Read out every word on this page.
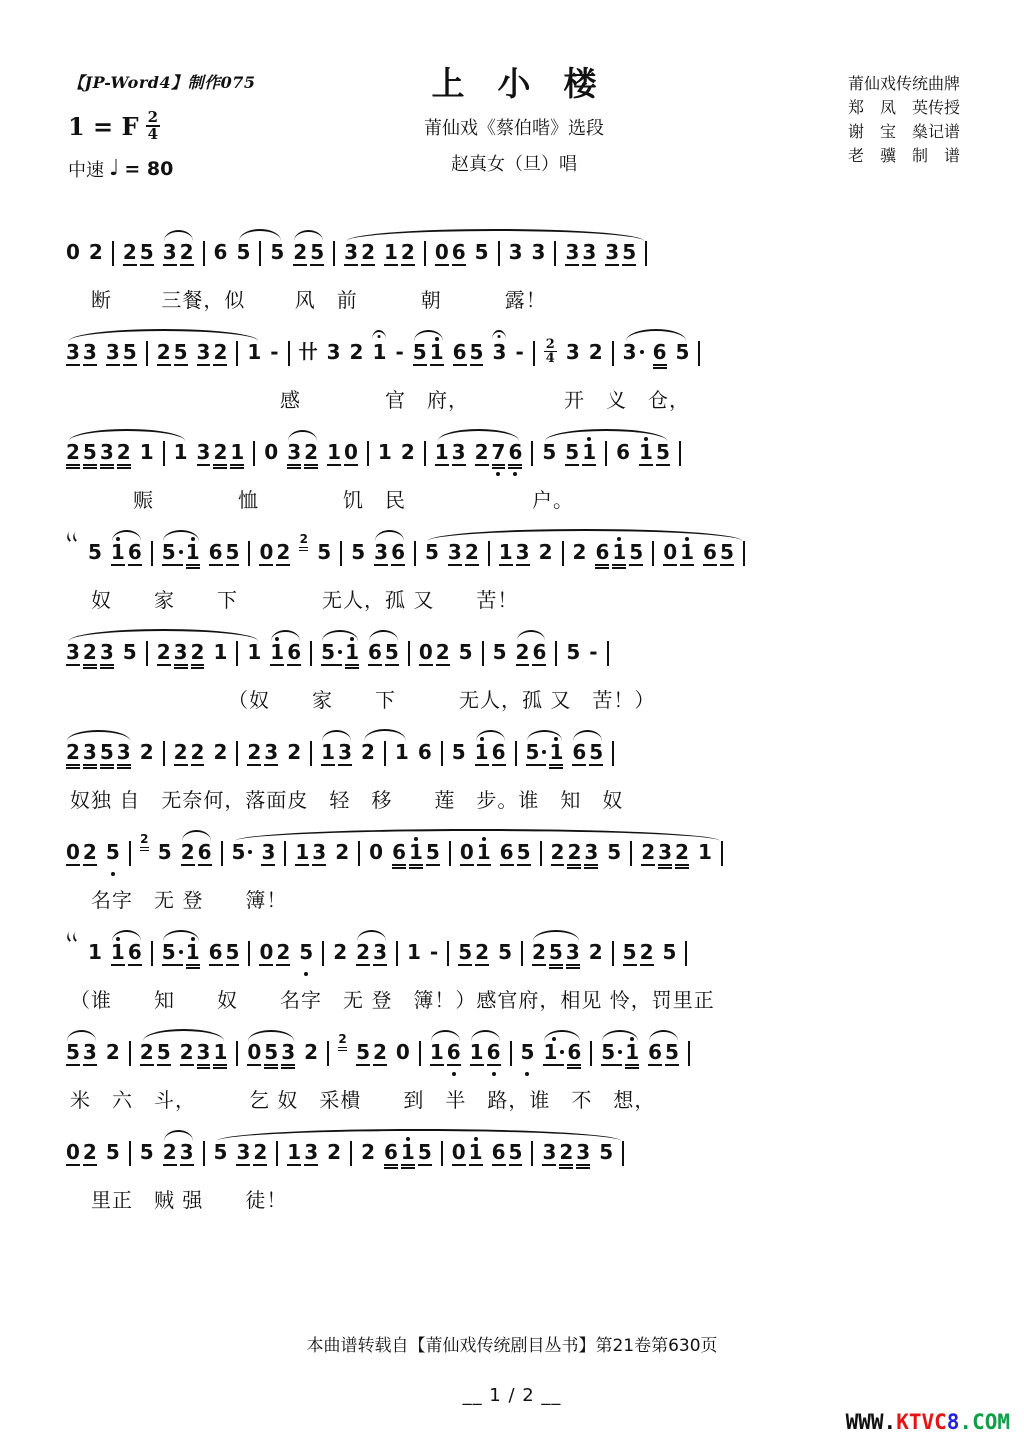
【JP-Word4】制作075	上　小　楼
莆仙戏《蔡伯喈》选段
赵真女（旦）唱
莆仙戏传统曲牌
郑　凤　英传授
谢　宝　燊记谱
老　骥　制　谱
1 = F $\frac{2}{4}$
中速 ♩ = 80
0 2 2 5 3 2 6 5 5 2 5 3 2 1 2 0 6 5 3 3 3 3 3 5
　断　　 三餐，似　　 风　前　　　朝　　　露！
3 3 3 5 2 5 3 2 1 - 卄 3 2 1 - 5 1 6 5 3 - 2
4 3 2 3 6 5
　　　　　　　　　　感　　　　官　府，　　　　　开　义　仓，
2 5 3 2 1 1 3 2 1 0 3 2 1 0 1 2 1 3 2 7 6 5 5 1 6 1 5
　　　赈　　　　恤　　　　饥　民　　　　　　户。
5 1 6 5 1 6 5 0 2
2
5 5 3 6 5 3 2 1 3 2 2 6 1 5 0 1 6 5
　奴　　家　　下　　　　无人，孤 又　　苦！
3 2 3 5 2 3 2 1 1 1 6 5 1 6 5 0 2 5 5 2 6 5 -
　　　　　　　　（奴　　家　　下　　　无人，孤 又　苦！）
2 3 5 3 2 2 2 2 2 3 2 1 3 2 1 6 5 1 6 5 1 6 5
奴独 自　无奈何，落面皮　轻　移　　莲　步。谁　知　奴
0 2 5
2
5 2 6 5 3 1 3 2 0 6 1 5 0 1 6 5 2 2 3 5 2 3 2 1
　名字　无 登　　簿！
1 1 6 5 1 6 5 0 2 5 2 2 3 1 - 5 2 5 2 5 3 2 5 2 5
（谁　　知　　奴　　名字　无 登　簿！）感官府，相见 怜，罚里正
5 3 2 2 5 2 3 1 0 5 3 2
2
5 2 0 1 6 1 6 5 1 6 5 1 6 5
米　六　斗，　　　乞 奴　采樻　　到　半　路，谁　不　想，
0 2 5 5 2 3 5 3 2 1 3 2 2 6 1 5 0 1 6 5 3 2 3 5
　里正　贼 强　　徒！
本曲谱转载自【莆仙戏传统剧目丛书】第21卷第630页
__ 1 / 2 __
WWW.KTVC8.COM
